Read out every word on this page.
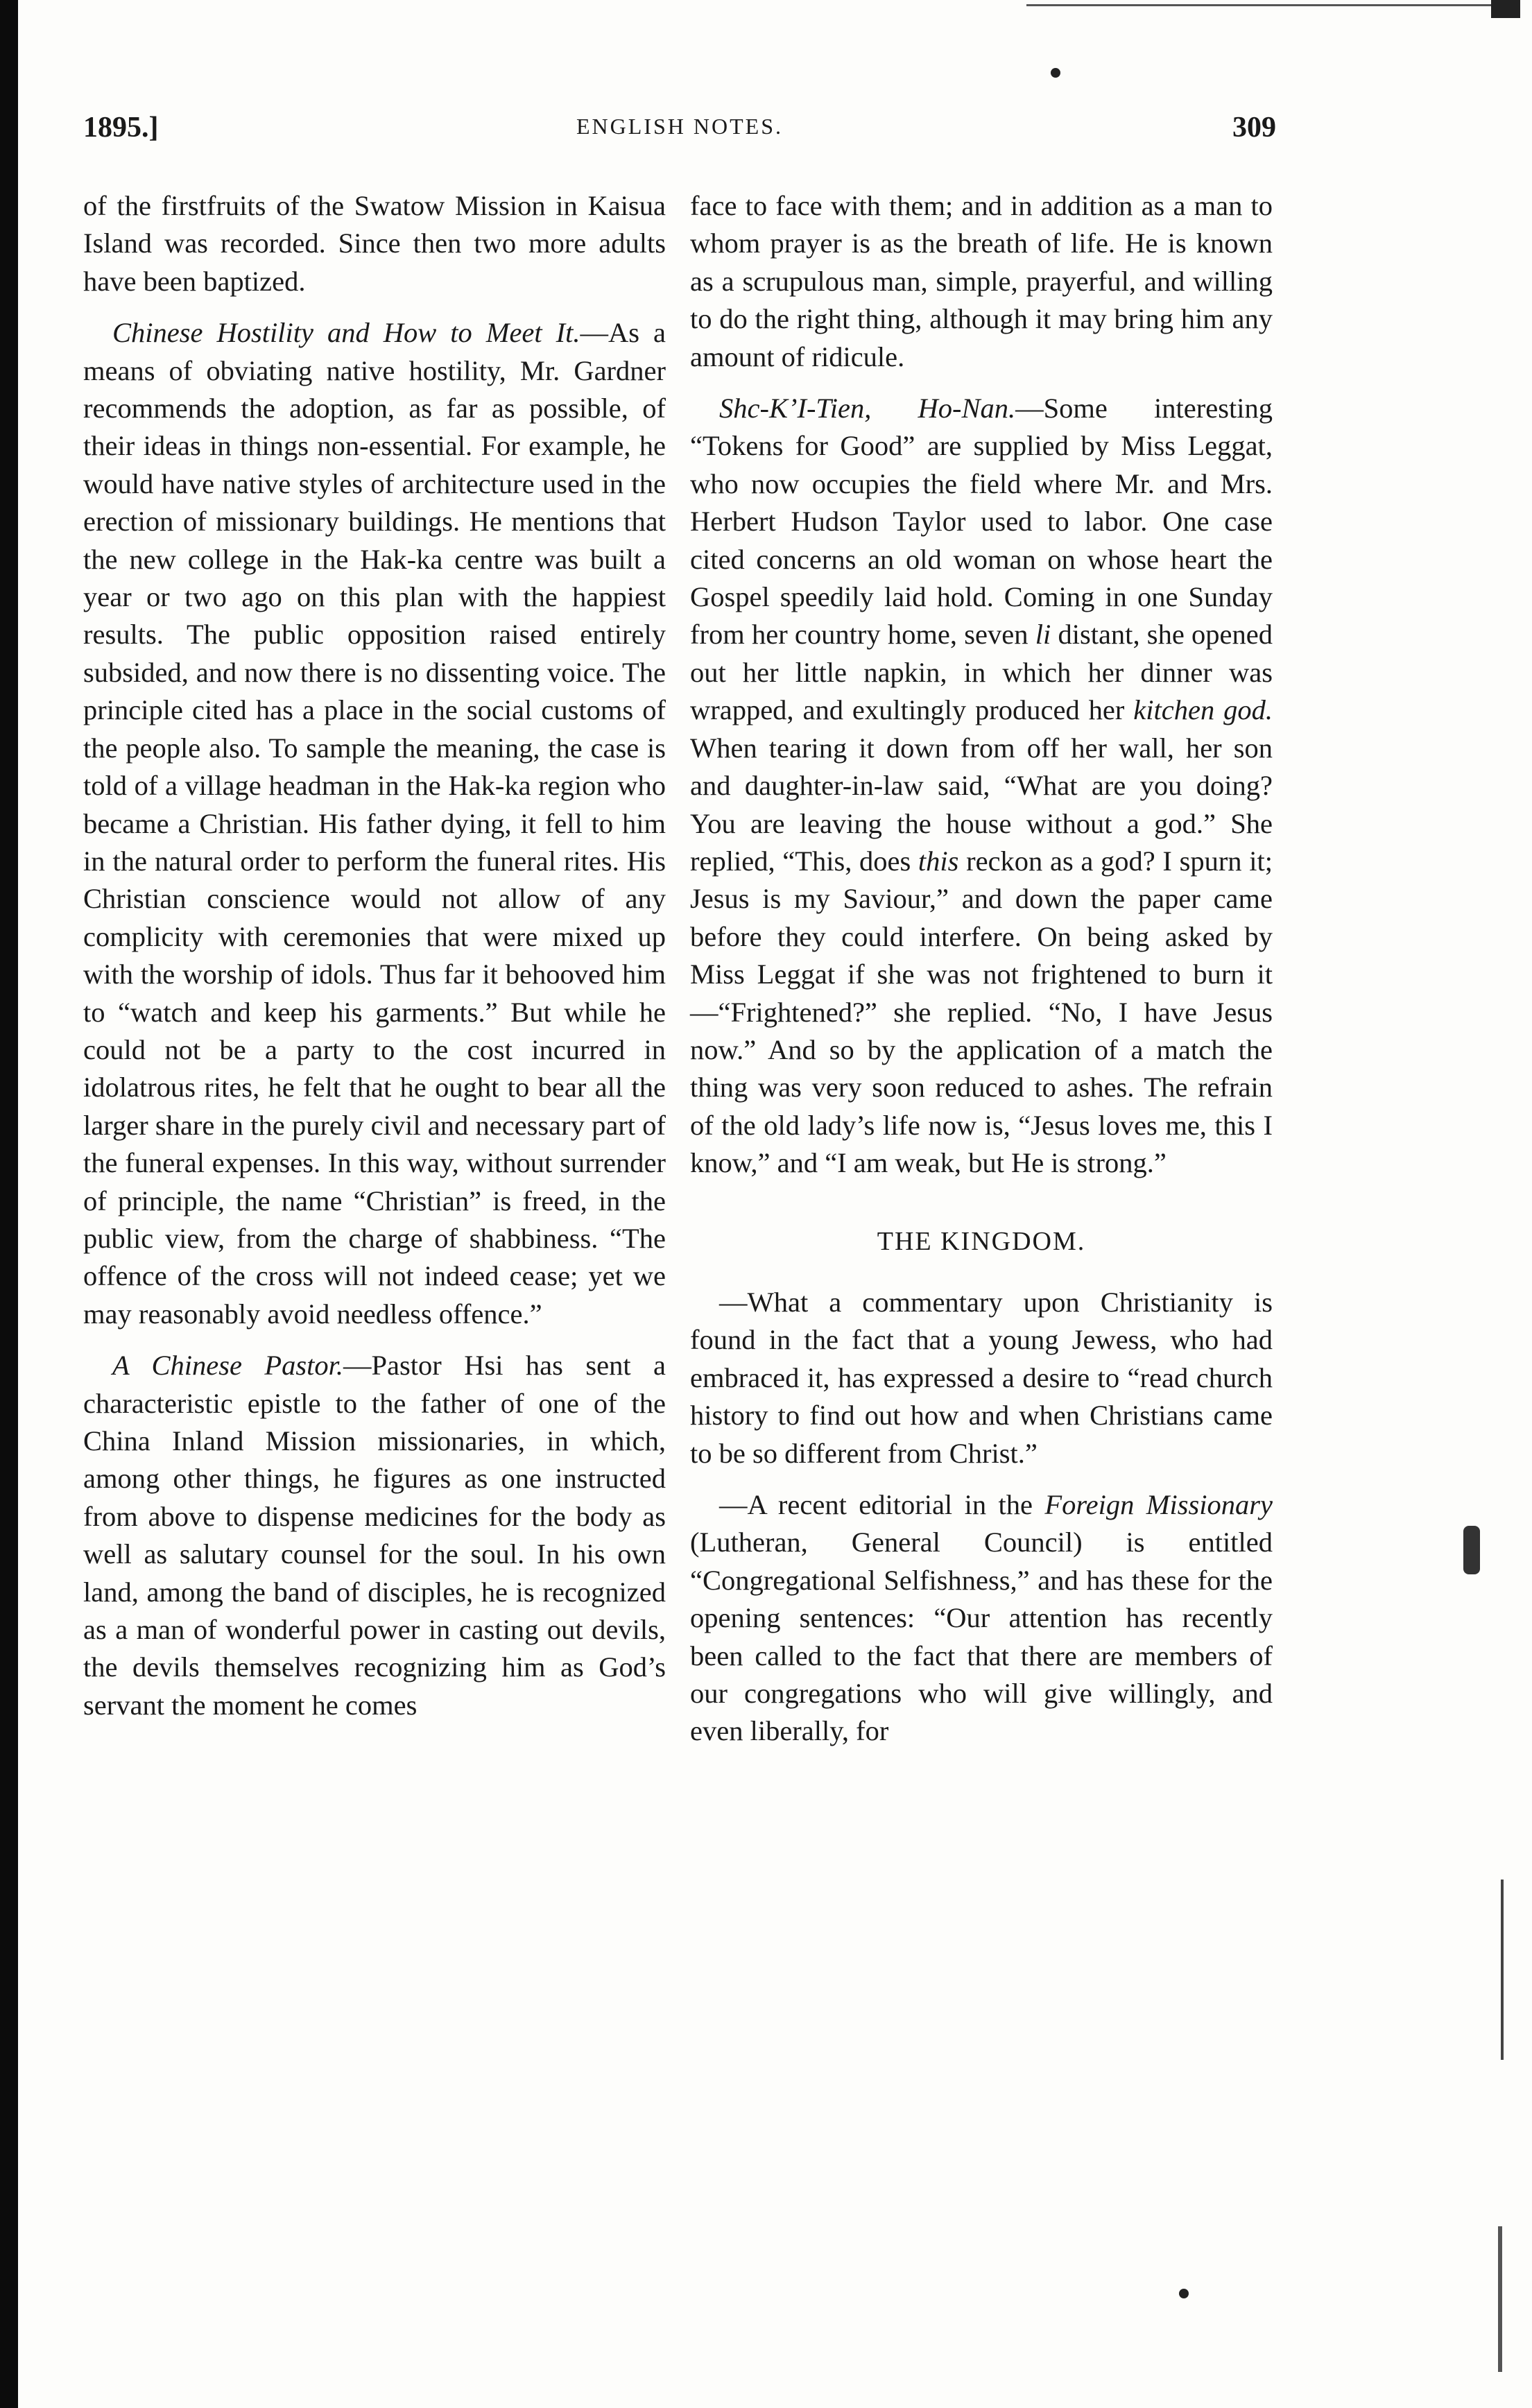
1895.]	ENGLISH NOTES.	309

of the firstfruits of the Swatow Mission in Kaisua Island was recorded. Since then two more adults have been baptized.

Chinese Hostility and How to Meet It.—As a means of obviating native hostility, Mr. Gardner recommends the adoption, as far as possible, of their ideas in things non-essential. For example, he would have native styles of architecture used in the erection of missionary buildings. He mentions that the new college in the Hak-ka centre was built a year or two ago on this plan with the happiest results. The public opposition raised entirely subsided, and now there is no dissenting voice. The principle cited has a place in the social customs of the people also. To sample the meaning, the case is told of a village headman in the Hak-ka region who became a Christian. His father dying, it fell to him in the natural order to perform the funeral rites. His Christian conscience would not allow of any complicity with ceremonies that were mixed up with the worship of idols. Thus far it behooved him to “watch and keep his garments.” But while he could not be a party to the cost incurred in idolatrous rites, he felt that he ought to bear all the larger share in the purely civil and necessary part of the funeral expenses. In this way, without surrender of principle, the name “Christian” is freed, in the public view, from the charge of shabbiness. “The offence of the cross will not indeed cease; yet we may reasonably avoid needless offence.”

A Chinese Pastor.—Pastor Hsi has sent a characteristic epistle to the father of one of the China Inland Mission missionaries, in which, among other things, he figures as one instructed from above to dispense medicines for the body as well as salutary counsel for the soul. In his own land, among the band of disciples, he is recognized as a man of wonderful power in casting out devils, the devils themselves recognizing him as God’s servant the moment he comes

face to face with them; and in addition as a man to whom prayer is as the breath of life. He is known as a scrupulous man, simple, prayerful, and willing to do the right thing, although it may bring him any amount of ridicule.

Shc-K’I-Tien, Ho-Nan.—Some interesting “Tokens for Good” are supplied by Miss Leggat, who now occupies the field where Mr. and Mrs. Herbert Hudson Taylor used to labor. One case cited concerns an old woman on whose heart the Gospel speedily laid hold. Coming in one Sunday from her country home, seven li distant, she opened out her little napkin, in which her dinner was wrapped, and exultingly produced her kitchen god. When tearing it down from off her wall, her son and daughter-in-law said, “What are you doing? You are leaving the house without a god.” She replied, “This, does this reckon as a god? I spurn it; Jesus is my Saviour,” and down the paper came before they could interfere. On being asked by Miss Leggat if she was not frightened to burn it—“Frightened?” she replied. “No, I have Jesus now.” And so by the application of a match the thing was very soon reduced to ashes. The refrain of the old lady’s life now is, “Jesus loves me, this I know,” and “I am weak, but He is strong.”

THE KINGDOM.

—What a commentary upon Christianity is found in the fact that a young Jewess, who had embraced it, has expressed a desire to “read church history to find out how and when Christians came to be so different from Christ.”

—A recent editorial in the Foreign Missionary (Lutheran, General Council) is entitled “Congregational Selfishness,” and has these for the opening sentences: “Our attention has recently been called to the fact that there are members of our congregations who will give willingly, and even liberally, for
